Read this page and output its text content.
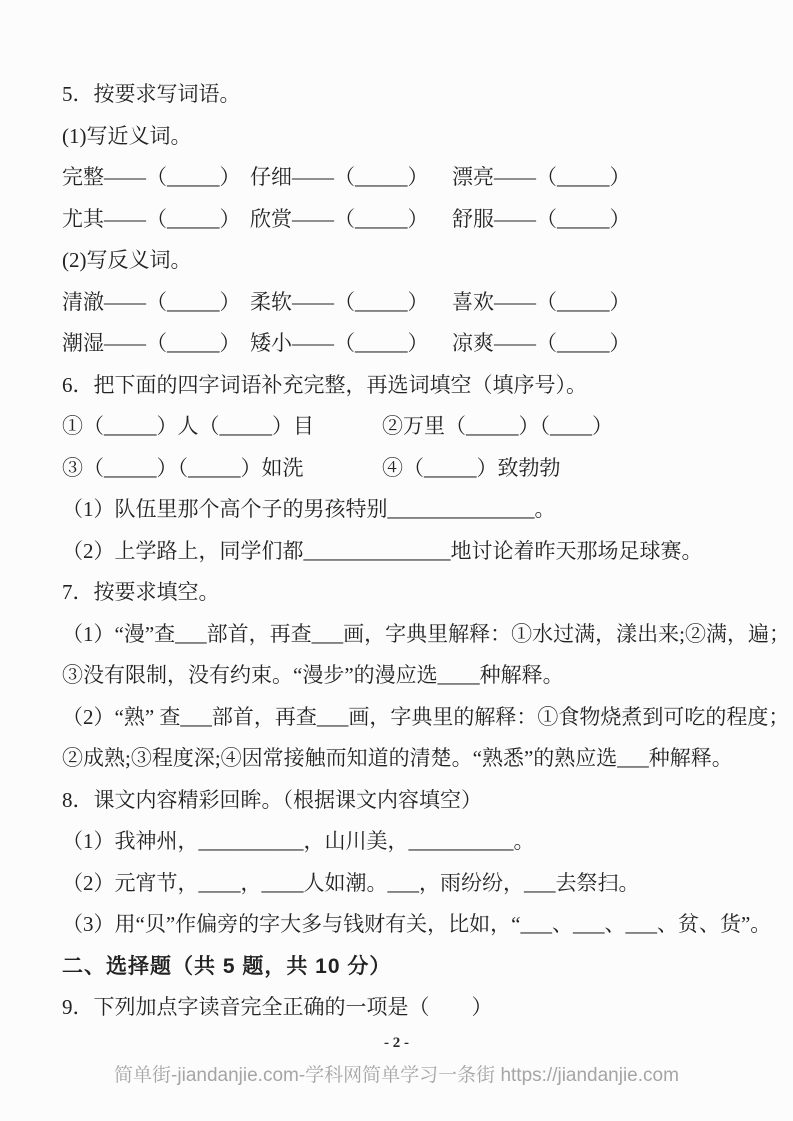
5．按要求写词语。
(1)写近义词。
完整——（_____） 仔细——（_____）	漂亮——（_____）
尤其——（_____） 欣赏——（_____）	舒服——（_____）
(2)写反义词。
清澈——（_____） 柔软——（_____）	喜欢——（_____）
潮湿——（_____） 矮小——（_____）	凉爽——（_____）
6．把下面的四字词语补充完整，再选词填空（填序号）。
①（_____）人（_____）目	②万里（_____）（____）
③（_____）（_____）如洗	④（_____）致勃勃
（1）队伍里那个高个子的男孩特别______________。
（2）上学路上，同学们都______________地讨论着昨天那场足球赛。
7．按要求填空。
（1）“漫”查___部首，再查___画，字典里解释：①水过满，漾出来;②满，遍；
③没有限制，没有约束。“漫步”的漫应选____种解释。
（2）“熟” 查___部首，再查___画，字典里的解释：①食物烧煮到可吃的程度；
②成熟;③程度深;④因常接触而知道的清楚。“熟悉”的熟应选___种解释。
8．课文内容精彩回眸。（根据课文内容填空）
（1）我神州，__________，山川美，__________。
（2）元宵节，____，____人如潮。___，雨纷纷，___去祭扫。
（3）用“贝”作偏旁的字大多与钱财有关，比如，“___、___、___、贫、货”。
二、选择题（共 5 题，共 10 分）
9．下列加点字读音完全正确的一项是（　　）
- 2 -
简单街-jiandanjie.com-学科网简单学习一条街 https://jiandanjie.com
